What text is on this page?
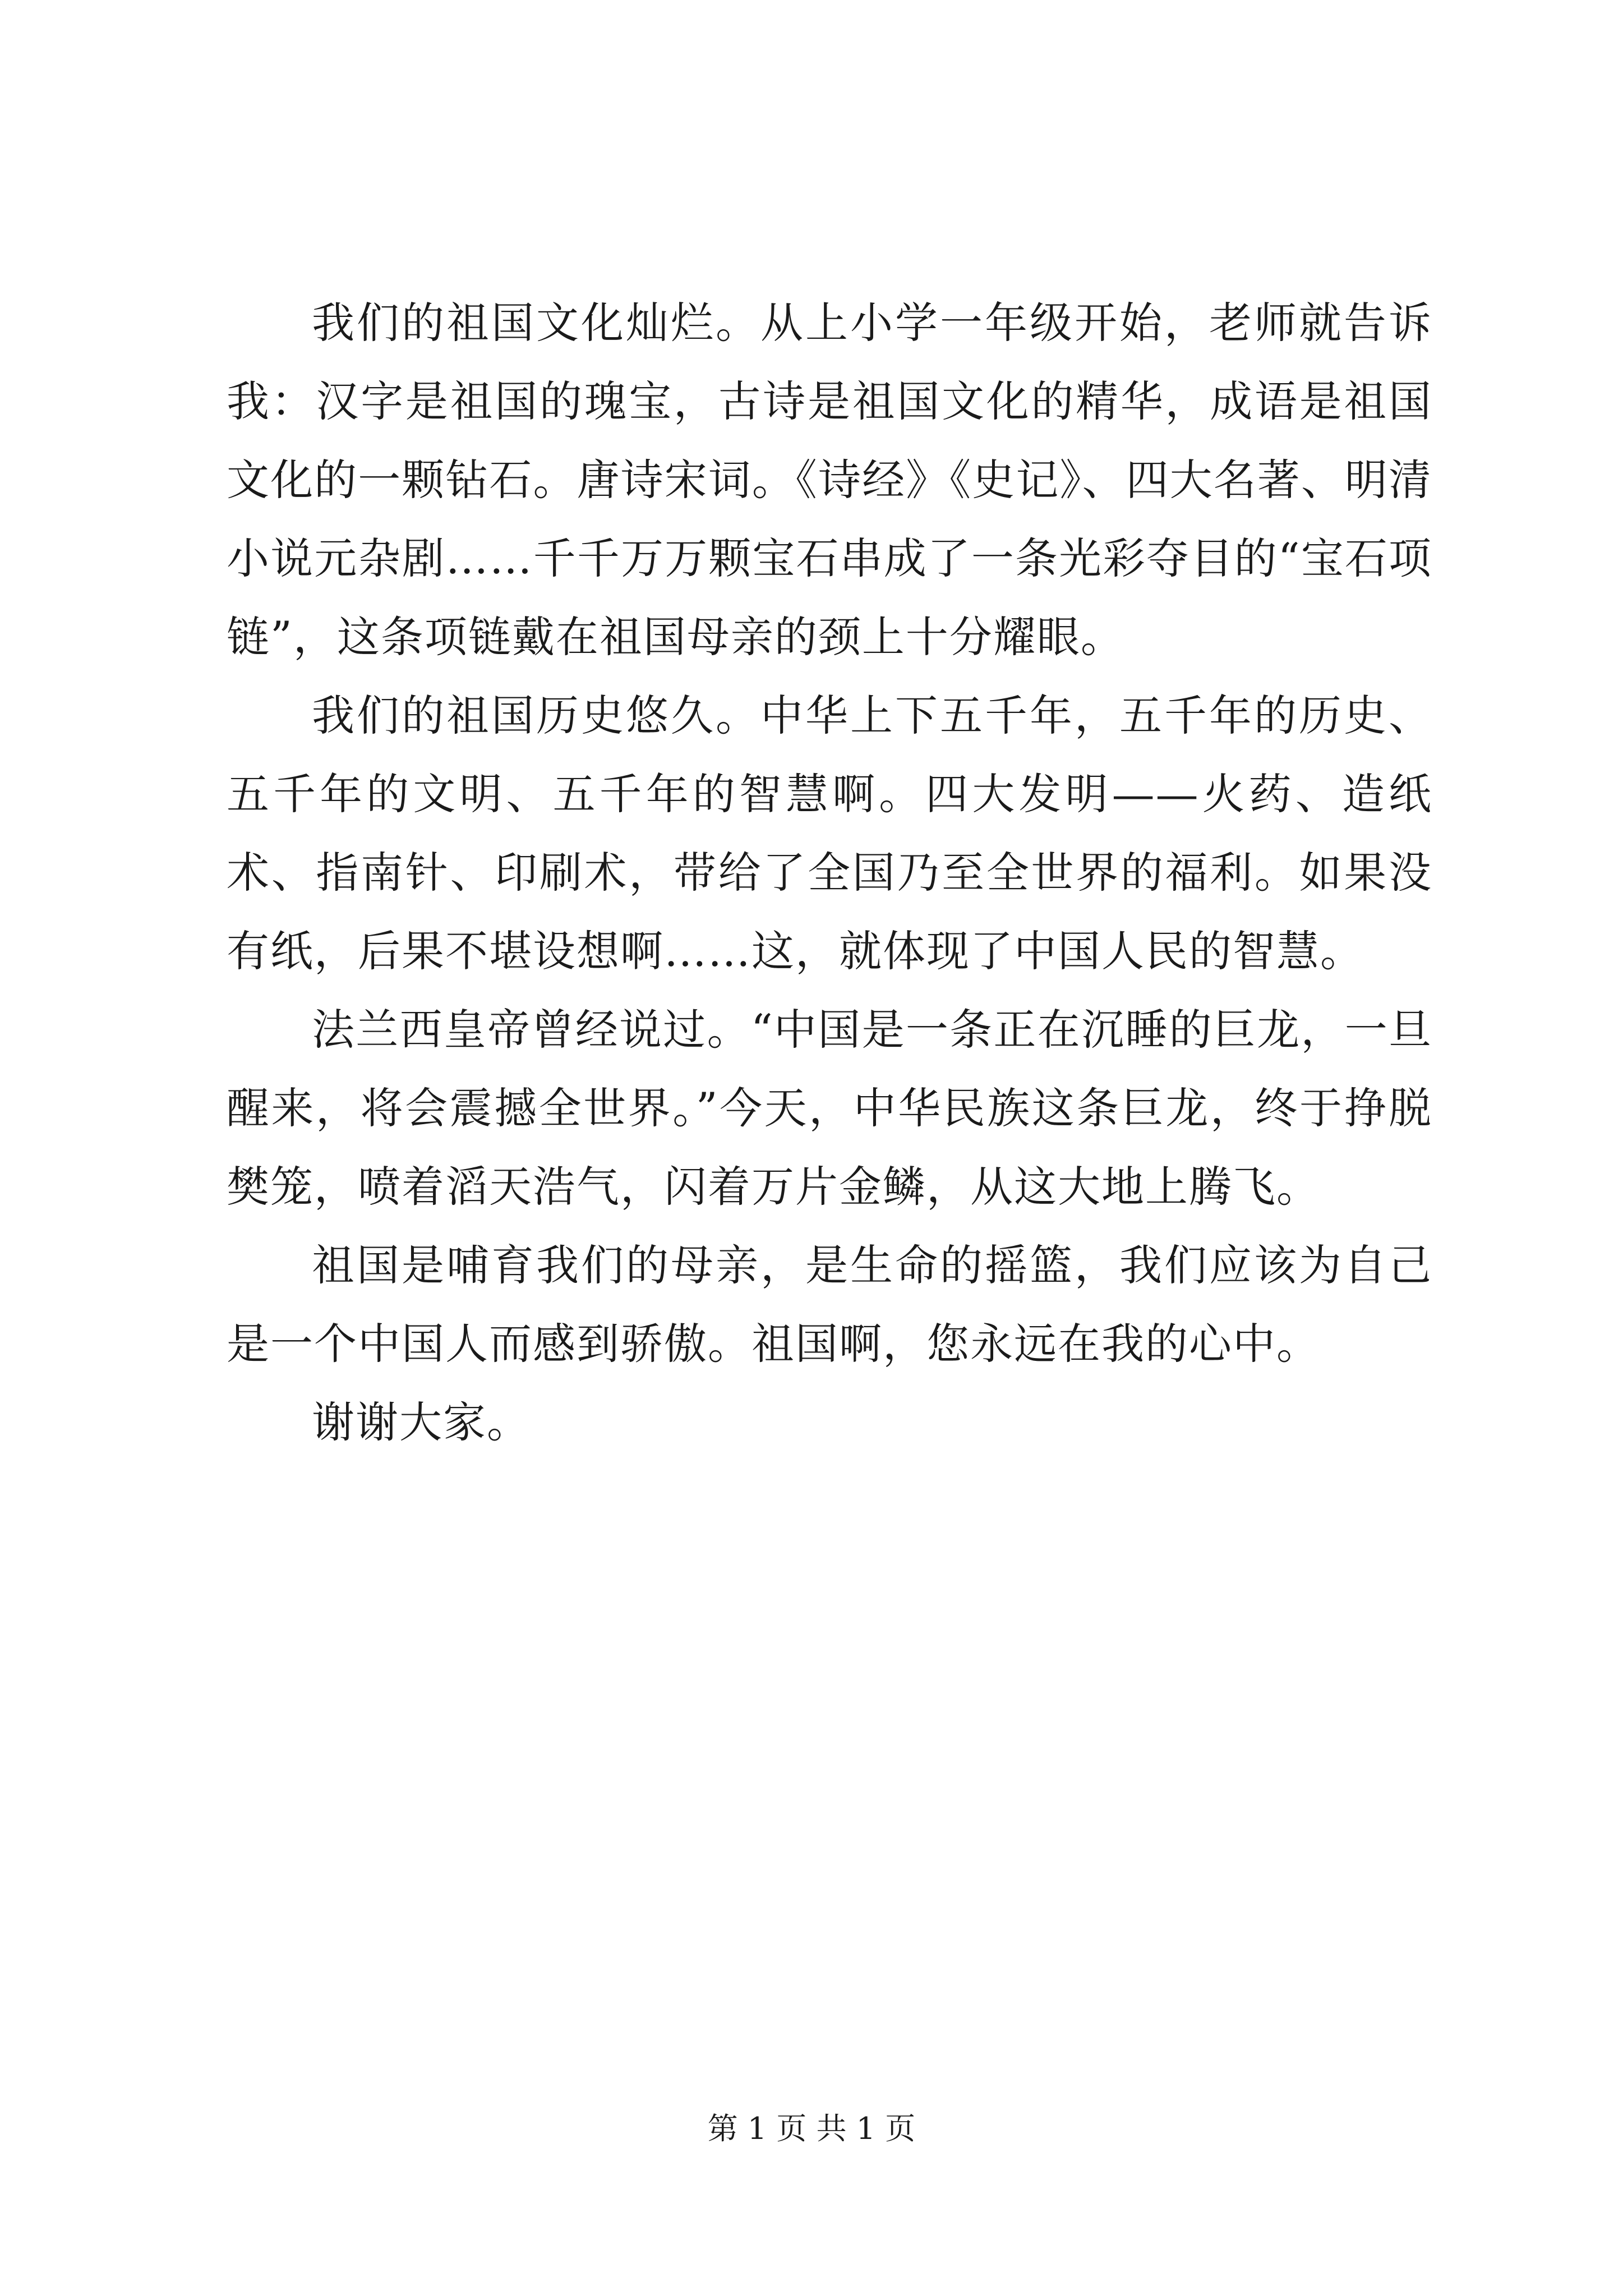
我们的祖国文化灿烂。从上小学一年级开始，老师就告诉我：汉字是祖国的瑰宝，古诗是祖国文化的精华，成语是祖国文化的一颗钻石。唐诗宋词。《诗经》《史记》、四大名著、明清小说元杂剧……千千万万颗宝石串成了一条光彩夺目的“宝石项链”，这条项链戴在祖国母亲的颈上十分耀眼。

我们的祖国历史悠久。中华上下五千年，五千年的历史、五千年的文明、五千年的智慧啊。四大发明——火药、造纸术、指南针、印刷术，带给了全国乃至全世界的福利。如果没有纸，后果不堪设想啊……这，就体现了中国人民的智慧。

法兰西皇帝曾经说过。“中国是一条正在沉睡的巨龙，一旦醒来，将会震撼全世界。”今天，中华民族这条巨龙，终于挣脱樊笼，喷着滔天浩气，闪着万片金鳞，从这大地上腾飞。

祖国是哺育我们的母亲，是生命的摇篮，我们应该为自己是一个中国人而感到骄傲。祖国啊，您永远在我的心中。

谢谢大家。

第 1 页 共 1 页
